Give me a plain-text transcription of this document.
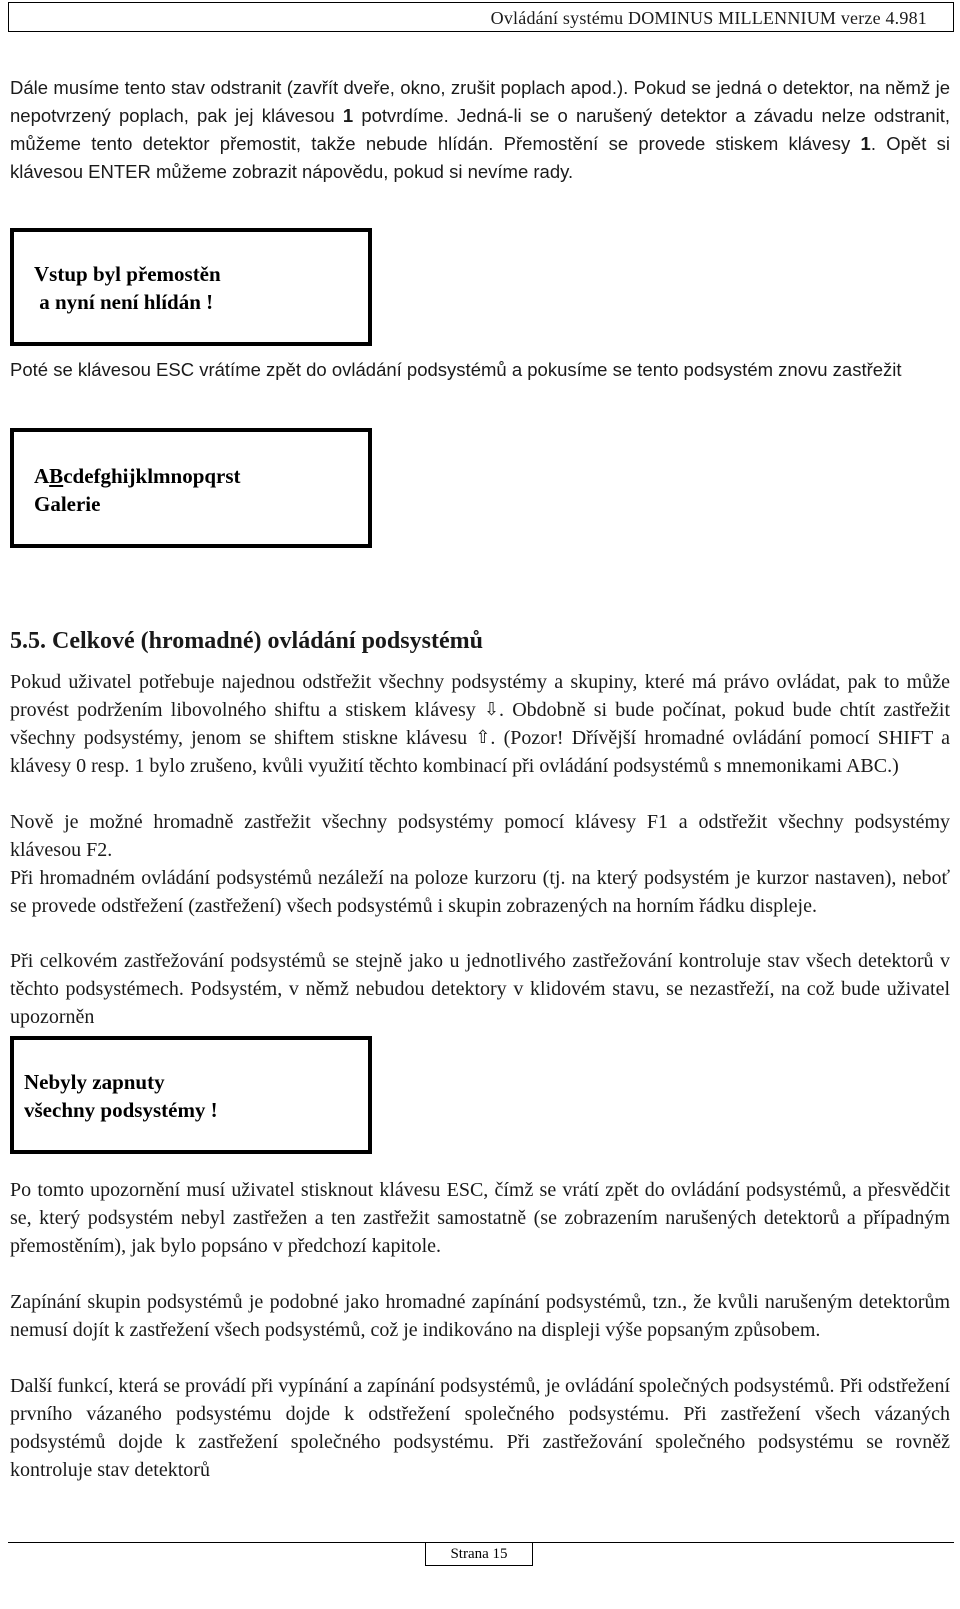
Ovládání systému DOMINUS MILLENNIUM verze 4.981

Dále musíme tento stav odstranit (zavřít dveře, okno, zrušit poplach apod.). Pokud se jedná o detektor, na němž je nepotvrzený poplach, pak jej klávesou 1 potvrdíme. Jedná-li se o narušený detektor a závadu nelze odstranit, můžeme tento detektor přemostit, takže nebude hlídán. Přemostění se provede stiskem klávesy 1. Opět si klávesou ENTER můžeme zobrazit nápovědu, pokud si nevíme rady.

Vstup byl přemostěn
a nyní není hlídán !

Poté se klávesou ESC vrátíme zpět do ovládání podsystémů a pokusíme se tento podsystém znovu zastřežit

ABcdefghijklmnopqrst
Galerie
5.5. Celkové (hromadné) ovládání podsystémů

Pokud uživatel potřebuje najednou odstřežit všechny podsystémy a skupiny, které má právo ovládat, pak to může provést podržením libovolného shiftu a stiskem klávesy ⇩. Obdobně si bude počínat, pokud bude chtít zastřežit všechny podsystémy, jenom se shiftem stiskne klávesu ⇧. (Pozor! Dřívější hromadné ovládání pomocí SHIFT a klávesy 0 resp. 1 bylo zrušeno, kvůli využití těchto kombinací při ovládání podsystémů s mnemonikami ABC.)

Nově je možné hromadně zastřežit všechny podsystémy pomocí klávesy F1 a odstřežit všechny podsystémy klávesou F2.

Při hromadném ovládání podsystémů nezáleží na poloze kurzoru (tj. na který podsystém je kurzor nastaven), neboť se provede odstřežení (zastřežení) všech podsystémů i skupin zobrazených na horním řádku displeje.

Při celkovém zastřežování podsystémů se stejně jako u jednotlivého zastřežování kontroluje stav všech detektorů v těchto podsystémech. Podsystém, v němž nebudou detektory v klidovém stavu, se nezastřeží, na což bude uživatel upozorněn

Nebyly zapnuty
všechny podsystémy !

Po tomto upozornění musí uživatel stisknout klávesu ESC, čímž se vrátí zpět do ovládání podsystémů, a přesvědčit se, který podsystém nebyl zastřežen a ten zastřežit samostatně (se zobrazením narušených detektorů a případným přemostěním), jak bylo popsáno v předchozí kapitole.

Zapínání skupin podsystémů je podobné jako hromadné zapínání podsystémů, tzn., že kvůli narušeným detektorům nemusí dojít k zastřežení všech podsystémů, což je indikováno na displeji výše popsaným způsobem.

Další funkcí, která se provádí při vypínání a zapínání podsystémů, je ovládání společných podsystémů. Při odstřežení prvního vázaného podsystému dojde k odstřežení společného podsystému. Při zastřežení všech vázaných podsystémů dojde k zastřežení společného podsystému. Při zastřežování společného podsystému se rovněž kontroluje stav detektorů

Strana 15
